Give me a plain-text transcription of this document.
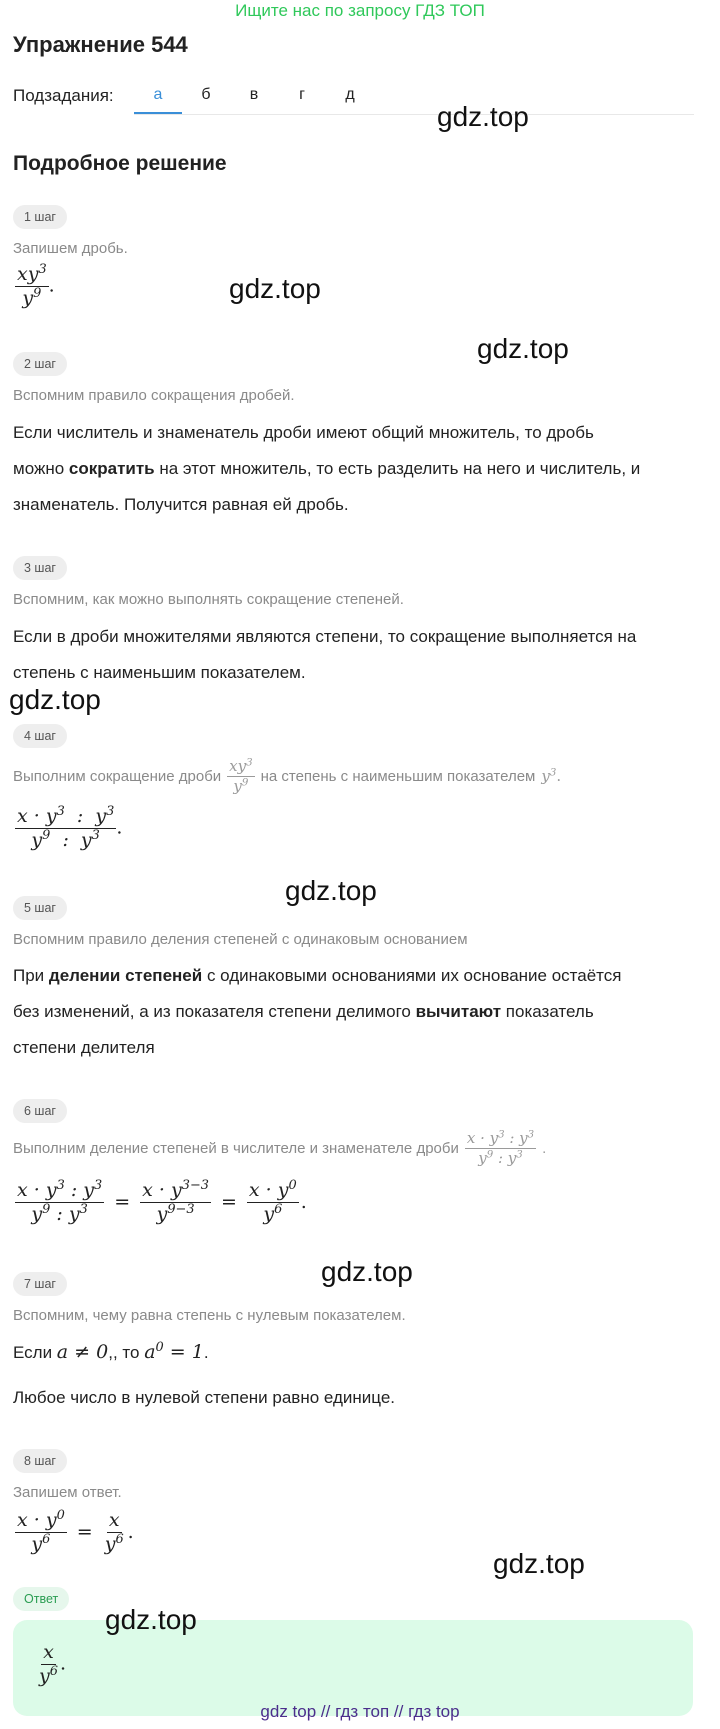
Ищите нас по запросу ГДЗ ТОП
Упражнение 544
Подзадания:	а	б	в	г	д
Подробное решение
1 шаг
Запишем дробь.
$\frac{xy^3}{y^9}$ .
2 шаг
Вспомним правило сокращения дробей.
Если числитель и знаменатель дроби имеют общий множитель, то дробь
можно сократить на этот множитель, то есть разделить на него и числитель, и
знаменатель. Получится равная ей дробь.
3 шаг
Вспомним, как можно выполнять сокращение степеней.
Если в дроби множителями являются степени, то сокращение выполняется на
степень с наименьшим показателем.
4 шаг
Выполним сокращение дроби $\frac{xy^3}{y^9}$ на степень с наименьшим показателем $y^3$.
$\frac{x \cdot y^3 : y^3}{y^9 : y^3}$ .
5 шаг
Вспомним правило деления степеней с одинаковым основанием
При делении степеней с одинаковыми основаниями их основание остаётся
без изменений, а из показателя степени делимого вычитают показатель
степени делителя
6 шаг
Выполним деление степеней в числителе и знаменателе дроби $\frac{x \cdot y^3 : y^3}{y^9 : y^3}$ .
$\frac{x \cdot y^3 : y^3}{y^9 : y^3} = \frac{x \cdot y^{3-3}}{y^{9-3}} = \frac{x \cdot y^0}{y^6}$ .
7 шаг
Вспомним, чему равна степень с нулевым показателем.
Если a ≠ 0,, то $a^0 = 1$.
Любое число в нулевой степени равно единице.
8 шаг
Запишем ответ.
$\frac{x \cdot y^0}{y^6} = \frac{x}{y^6}$ .
Ответ
$\frac{x}{y^6}$ .
gdz.top
gdz.top
gdz.top
gdz.top
gdz.top
gdz.top
gdz.top
gdz.top
gdz top // гдз топ // гдз top
